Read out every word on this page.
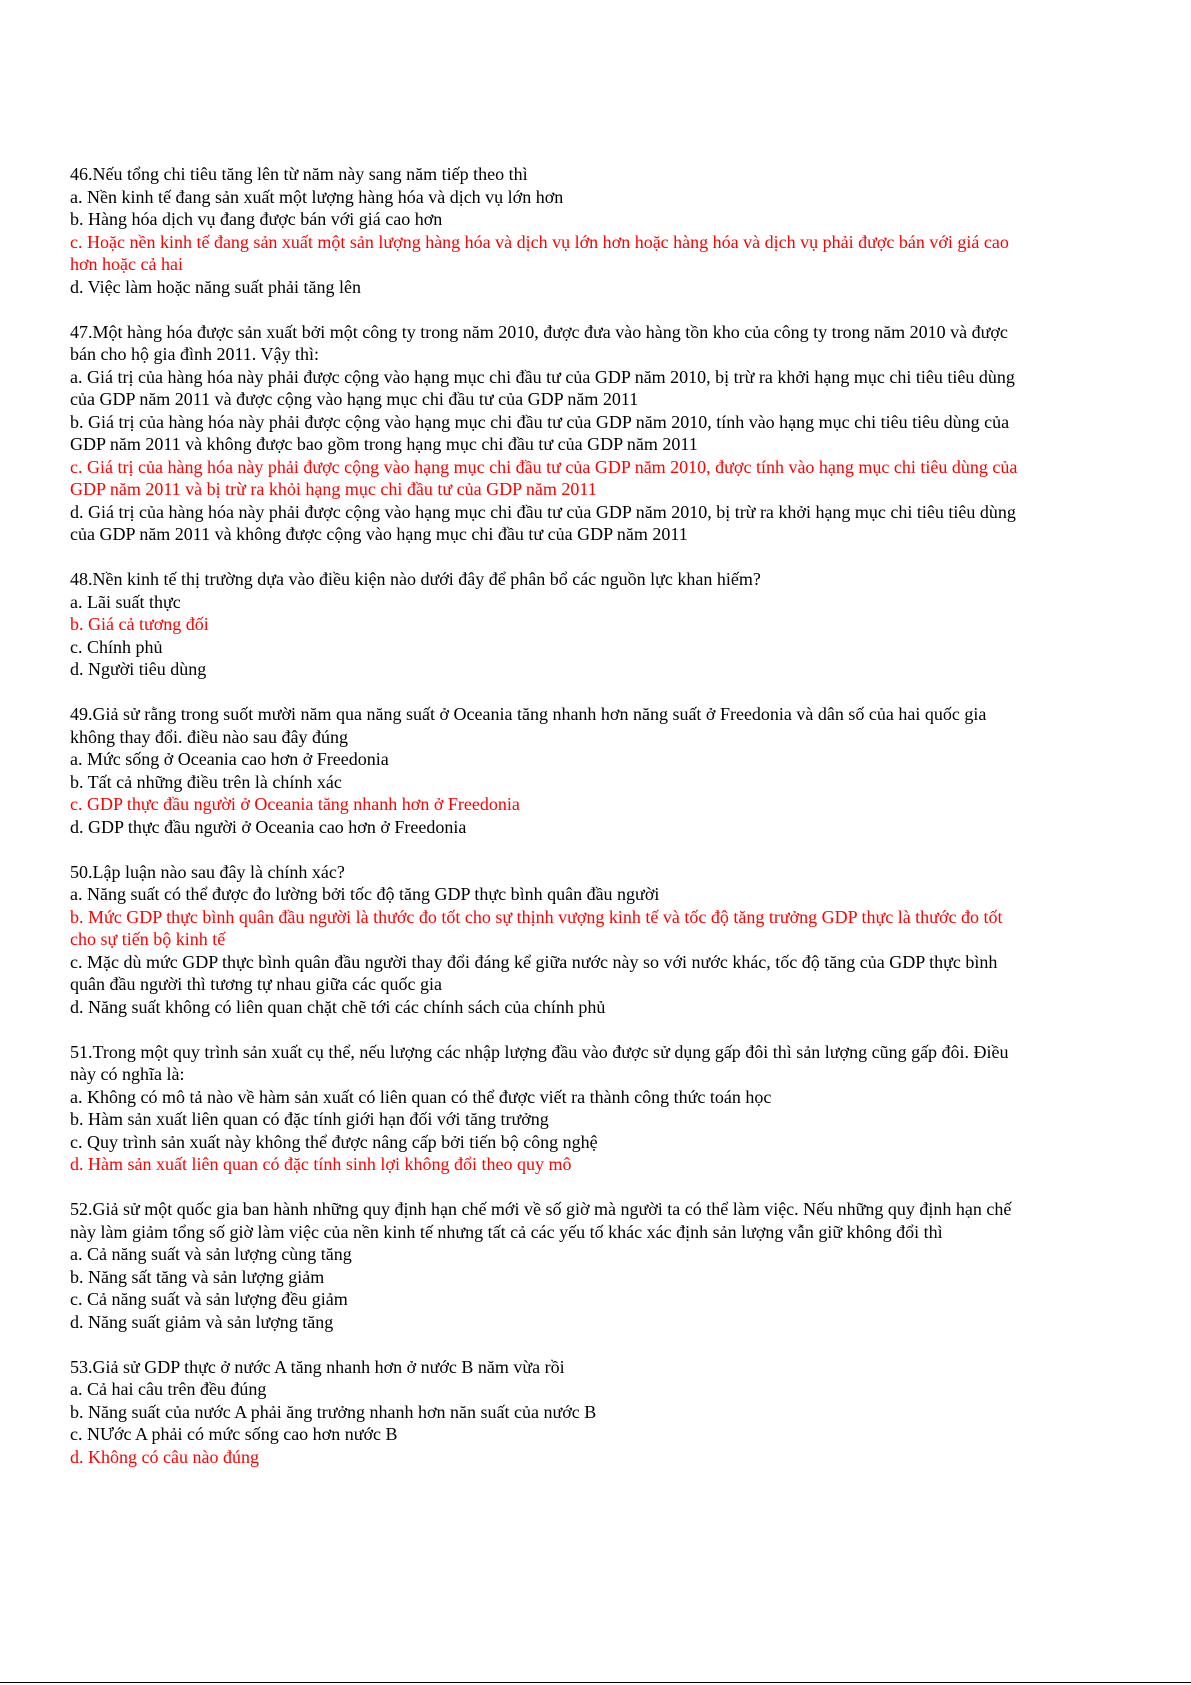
46.Nếu tổng chi tiêu tăng lên từ năm này sang năm tiếp theo thì

a. Nền kinh tế đang sản xuất một lượng hàng hóa và dịch vụ lớn hơn

b. Hàng hóa dịch vụ đang được bán với giá cao hơn

c. Hoặc nền kinh tế đang sản xuất một sản lượng hàng hóa và dịch vụ lớn hơn hoặc hàng hóa và dịch vụ phải được bán với giá cao hơn hoặc cả hai

d. Việc làm hoặc năng suất phải tăng lên

47.Một hàng hóa được sản xuất bởi một công ty trong năm 2010, được đưa vào hàng tồn kho của công ty trong năm 2010 và được bán cho hộ gia đình 2011. Vậy thì:

a. Giá trị của hàng hóa này phải được cộng vào hạng mục chi đầu tư của GDP năm 2010, bị trừ ra khởi hạng mục chi tiêu tiêu dùng của GDP năm 2011 và được cộng vào hạng mục chi đầu tư của GDP năm 2011

b. Giá trị của hàng hóa này phải được cộng vào hạng mục chi đầu tư của GDP năm 2010, tính vào hạng mục chi tiêu tiêu dùng của GDP năm 2011 và không được bao gồm trong hạng mục chi đầu tư của GDP năm 2011

c. Giá trị của hàng hóa này phải được cộng vào hạng mục chi đầu tư của GDP năm 2010, được tính vào hạng mục chi tiêu dùng của GDP năm 2011 và bị trừ ra khỏi hạng mục chi đầu tư của GDP năm 2011

d. Giá trị của hàng hóa này phải được cộng vào hạng mục chi đầu tư của GDP năm 2010, bị trừ ra khởi hạng mục chi tiêu tiêu dùng của GDP năm 2011 và không được cộng vào hạng mục chi đầu tư của GDP năm 2011

48.Nền kinh tế thị trường dựa vào điều kiện nào dưới đây để phân bổ các nguồn lực khan hiếm?

a. Lãi suất thực

b. Giá cả tương đối

c. Chính phủ

d. Người tiêu dùng

49.Giả sử rằng trong suốt mười năm qua năng suất ở Oceania tăng nhanh hơn năng suất ở Freedonia và dân số của hai quốc gia không thay đổi. điều nào sau đây đúng

a. Mức sống ở Oceania cao hơn ở Freedonia

b. Tất cả những điều trên là chính xác

c. GDP thực đầu người ở Oceania tăng nhanh hơn ở Freedonia

d. GDP thực đầu người ở Oceania cao hơn ở Freedonia

50.Lập luận nào sau đây là chính xác?

a. Năng suất có thể được đo lường bởi tốc độ tăng GDP thực bình quân đầu người

b. Mức GDP thực bình quân đầu người là thước đo tốt cho sự thịnh vượng kinh tế và tốc độ tăng trưởng GDP thực là thước đo tốt cho sự tiến bộ kinh tế

c. Mặc dù mức GDP thực bình quân đầu người thay đổi đáng kể giữa nước này so với nước khác, tốc độ tăng của GDP thực bình quân đầu người thì tương tự nhau giữa các quốc gia

d. Năng suất không có liên quan chặt chẽ tới các chính sách của chính phủ

51.Trong một quy trình sản xuất cụ thể, nếu lượng các nhập lượng đầu vào được sử dụng gấp đôi thì sản lượng cũng gấp đôi. Điều này có nghĩa là:

a. Không có mô tả nào về hàm sản xuất có liên quan có thể được viết ra thành công thức toán học

b. Hàm sản xuất liên quan có đặc tính giới hạn đối với tăng trưởng

c. Quy trình sản xuất này không thể được nâng cấp bởi tiến bộ công nghệ

d. Hàm sản xuất liên quan có đặc tính sinh lợi không đổi theo quy mô

52.Giả sử một quốc gia ban hành những quy định hạn chế mới về số giờ mà người ta có thể làm việc. Nếu những quy định hạn chế này làm giảm tổng số giờ làm việc của nền kinh tế nhưng tất cả các yếu tố khác xác định sản lượng vẫn giữ không đổi thì

a. Cả năng suất và sản lượng cùng tăng

b. Năng sất tăng và sản lượng giảm

c. Cả năng suất và sản lượng đều giảm

d. Năng suất giảm và sản lượng tăng

53.Giả sử GDP thực ở nước A tăng nhanh hơn ở nước B năm vừa rồi

a. Cả hai câu trên đều đúng

b. Năng suất của nước A phải ăng trưởng nhanh hơn năn suất của nước B

c. NƯớc A phải có mức sống cao hơn nước B

d. Không có câu nào đúng
